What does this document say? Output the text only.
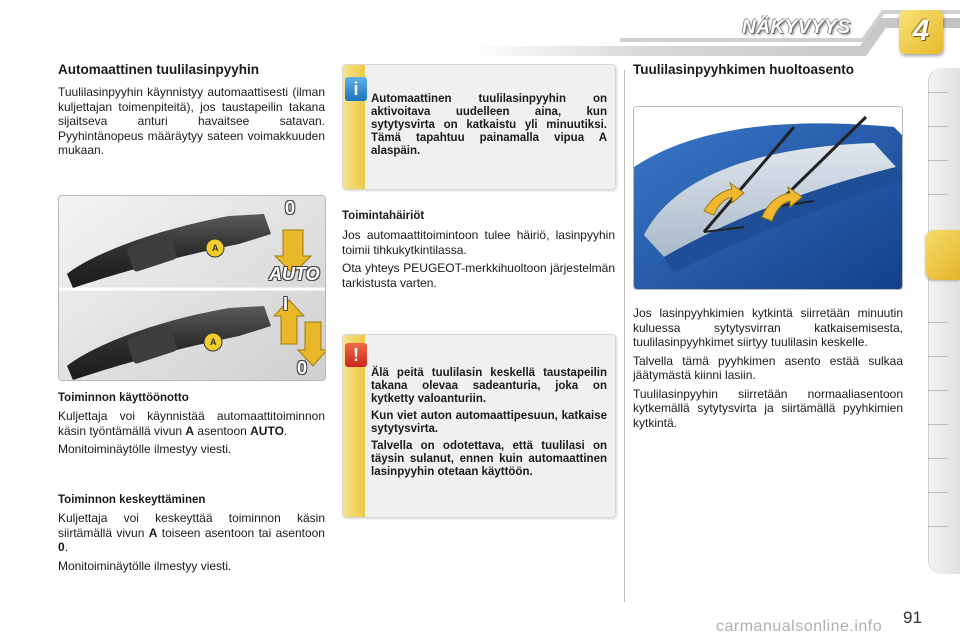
NÄKYVYYS	4
Automaattinen tuulilasinpyyhin
Tuulilasinpyyhin käynnistyy automaattisesti (ilman kuljettajan toimenpiteitä), jos taustapeilin takana sijaitseva anturi havaitsee satavan. Pyyhintänopeus määräytyy sateen voimakkuuden mukaan.
A
A
0
AUTO
I
0
Toiminnon käyttöönotto

Kuljettaja voi käynnistää automaattitoiminnon käsin työntämällä vivun A asentoon AUTO.

Monitoiminäytölle ilmestyy viesti.

Toiminnon keskeyttäminen

Kuljettaja voi keskeyttää toiminnon käsin siirtämällä vivun A toiseen asentoon tai asentoon 0.

Monitoiminäytölle ilmestyy viesti.

i	Automaattinen tuulilasinpyyhin on aktivoitava uudelleen aina, kun sytytysvirta on katkaistu yli minuutiksi. Tämä tapahtuu painamalla vipua A alaspäin.
Toimintahäiriöt

Jos automaattitoimintoon tulee häiriö, lasinpyyhin toimii tihkukytkintilassa.

Ota yhteys PEUGEOT-merkkihuoltoon järjestelmän tarkistusta varten.

!

Älä peitä tuulilasin keskellä taustapeilin takana olevaa sadeanturia, joka on kytketty valoanturiin.

Kun viet auton automaattipesuun, katkaise sytytysvirta.

Talvella on odotettava, että tuulilasi on täysin sulanut, ennen kuin automaattinen lasinpyyhin otetaan käyttöön.

Tuulilasinpyyhkimen huoltoasento

Jos lasinpyyhkimien kytkintä siirretään minuutin kuluessa sytytysvirran katkaisemisesta, tuulilasinpyyhkimet siirtyy tuulilasin keskelle.

Talvella tämä pyyhkimen asento estää sulkaa jäätymästä kiinni lasiin.

Tuulilasinpyyhin siirretään normaaliasentoon kytkemällä sytytysvirta ja siirtämällä pyyhkimien kytkintä.

carmanualsonline.info 91
